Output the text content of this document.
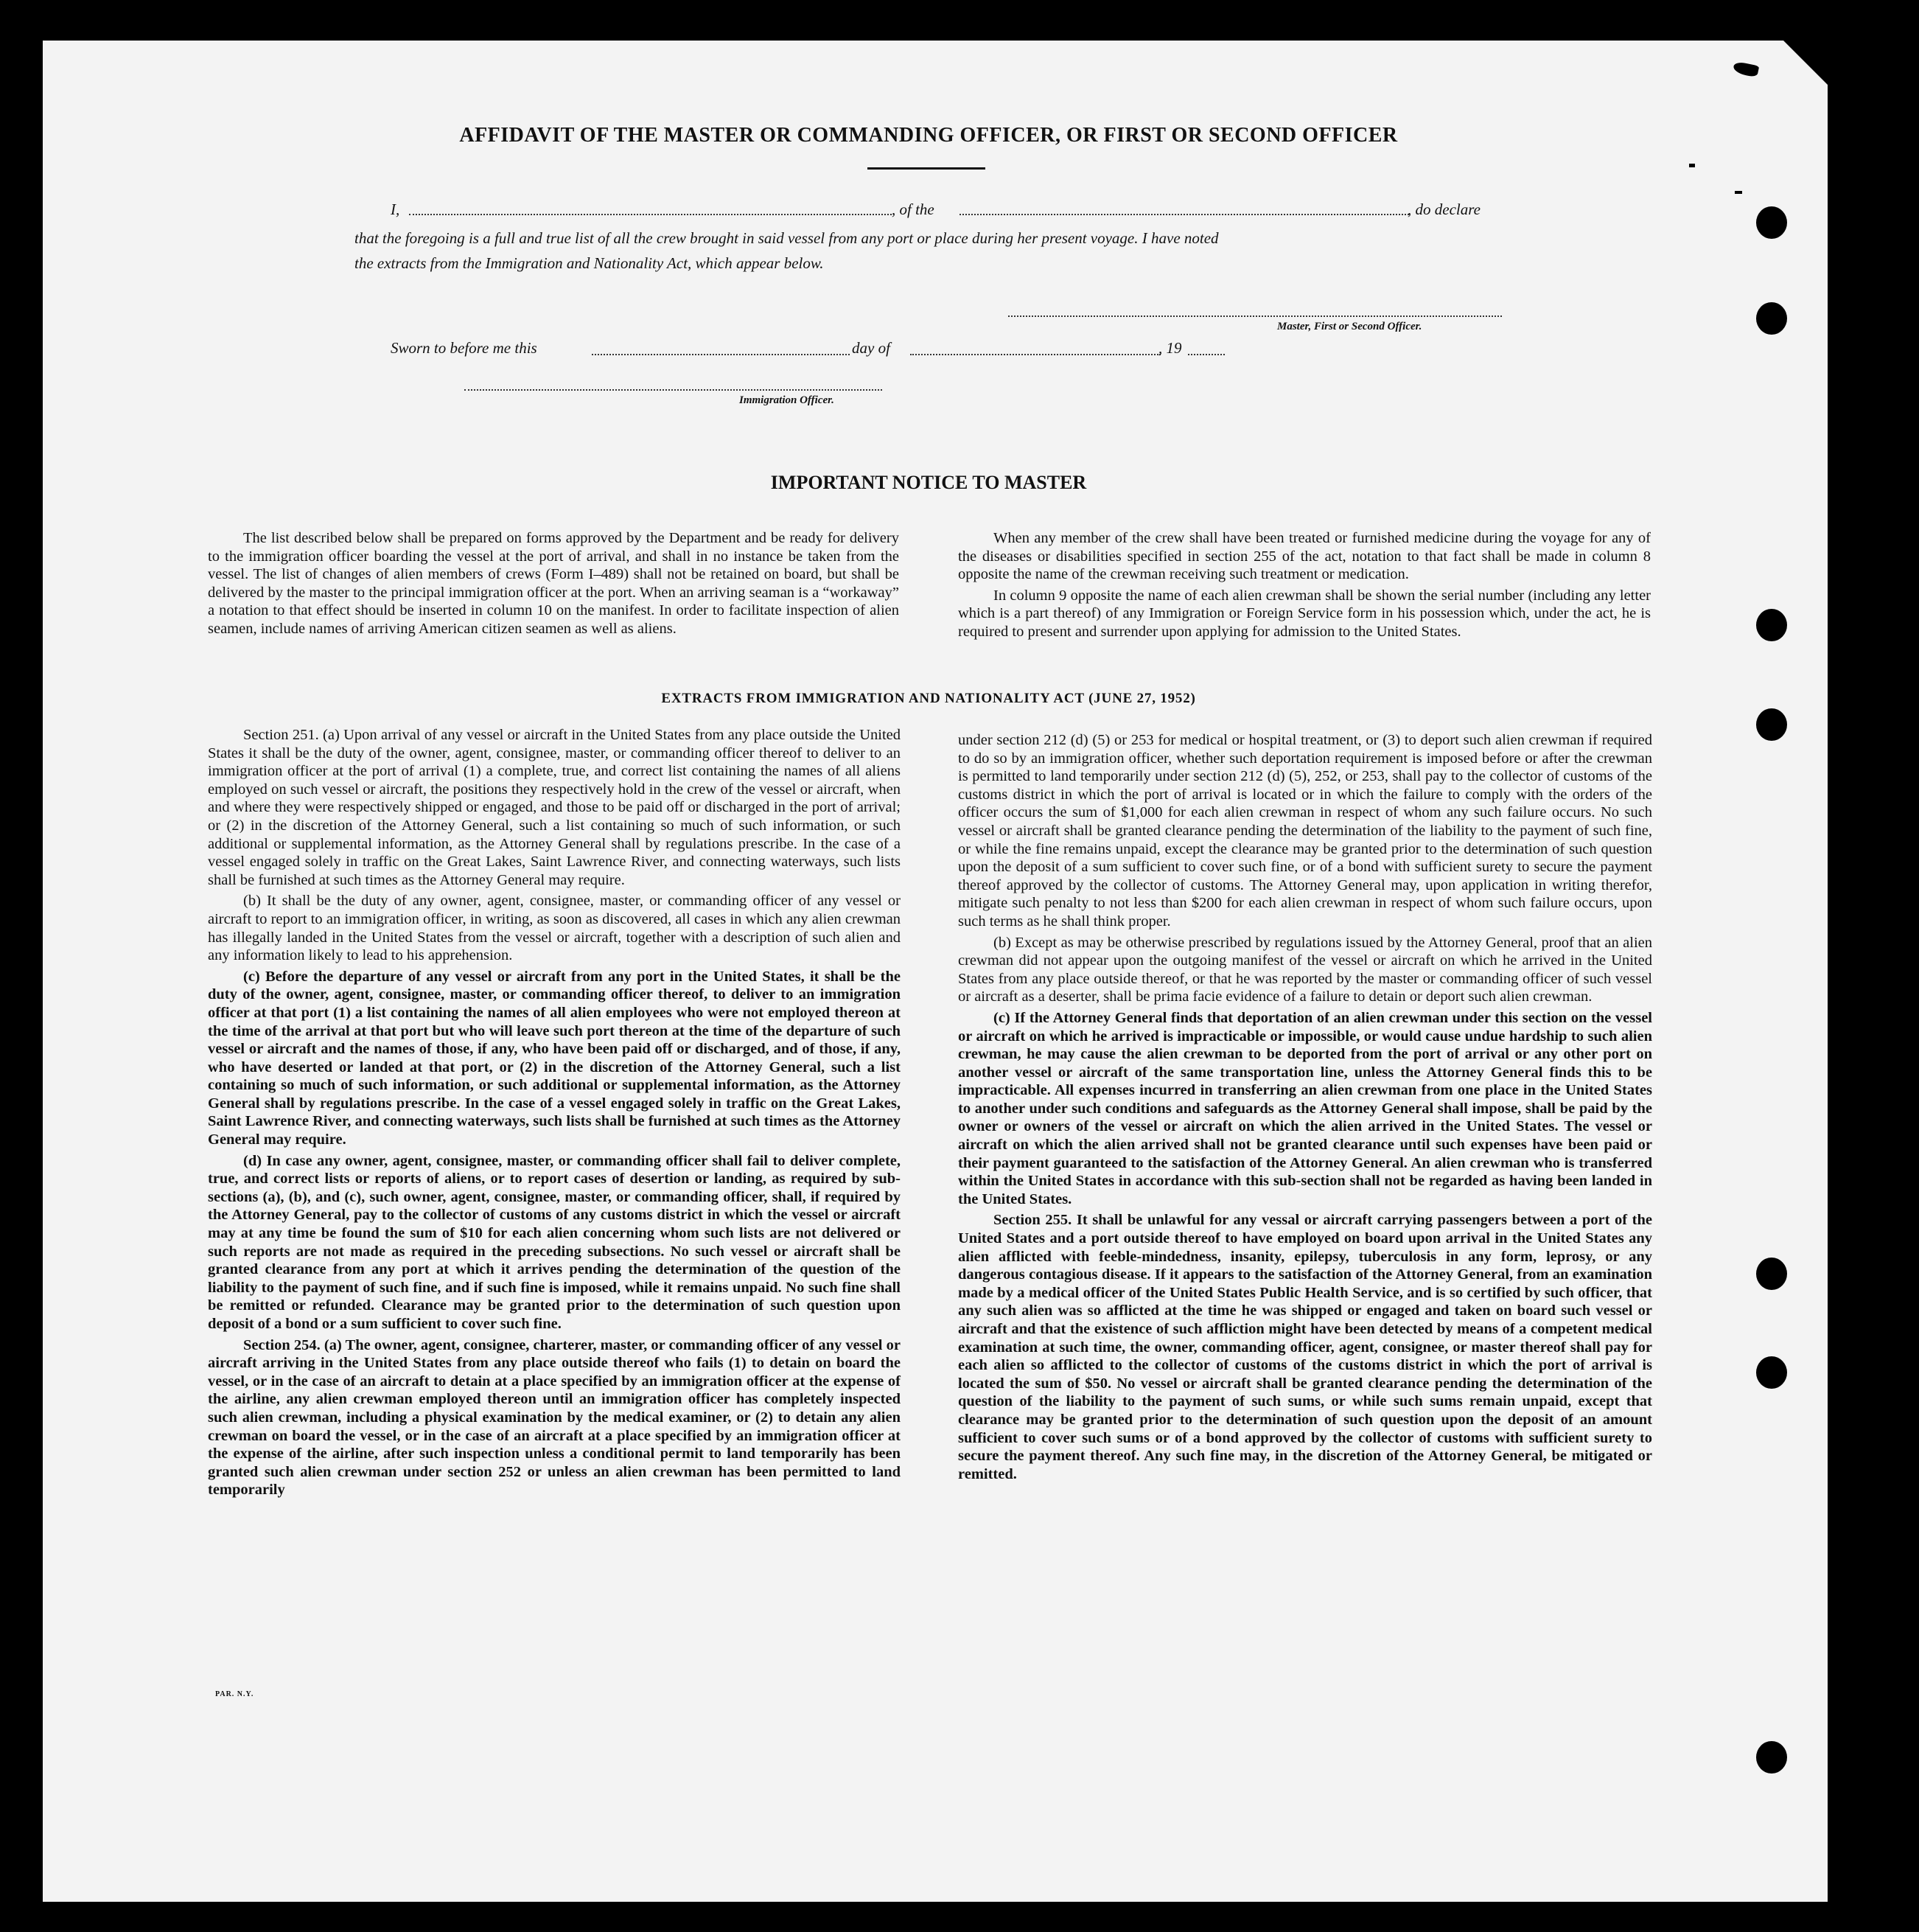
AFFIDAVIT OF THE MASTER OR COMMANDING OFFICER, OR FIRST OR SECOND OFFICER
I,	, of the	, do declare
that the foregoing is a full and true list of all the crew brought in said vessel from any port or place during her present voyage. I have noted
the extracts from the Immigration and Nationality Act, which appear below.
Master, First or Second Officer.
Sworn to before me this	day of	, 19
Immigration Officer.
IMPORTANT NOTICE TO MASTER

The list described below shall be prepared on forms approved by the Department and be ready for delivery to the immigration officer boarding the vessel at the port of arrival, and shall in no instance be taken from the vessel. The list of changes of alien members of crews (Form I–489) shall not be retained on board, but shall be delivered by the master to the principal immigration officer at the port. When an arriving seaman is a “workaway” a notation to that effect should be inserted in column 10 on the manifest. In order to facilitate inspection of alien seamen, include names of arriving American citizen seamen as well as aliens.

When any member of the crew shall have been treated or furnished medicine during the voyage for any of the diseases or disabilities specified in section 255 of the act, notation to that fact shall be made in column 8 opposite the name of the crewman receiving such treatment or medication.

In column 9 opposite the name of each alien crewman shall be shown the serial number (including any letter which is a part thereof) of any Immigration or Foreign Service form in his possession which, under the act, he is required to present and surrender upon applying for admission to the United States.

EXTRACTS FROM IMMIGRATION AND NATIONALITY ACT (JUNE 27, 1952)

Section 251. (a) Upon arrival of any vessel or aircraft in the United States from any place outside the United States it shall be the duty of the owner, agent, consignee, master, or commanding officer thereof to deliver to an immigration officer at the port of arrival (1) a complete, true, and correct list containing the names of all aliens employed on such vessel or aircraft, the positions they respectively hold in the crew of the vessel or aircraft, when and where they were respectively shipped or engaged, and those to be paid off or discharged in the port of arrival; or (2) in the discretion of the Attorney General, such a list containing so much of such information, or such additional or supplemental information, as the Attorney General shall by regulations prescribe. In the case of a vessel engaged solely in traffic on the Great Lakes, Saint Lawrence River, and connecting waterways, such lists shall be furnished at such times as the Attorney General may require.

(b) It shall be the duty of any owner, agent, consignee, master, or commanding officer of any vessel or aircraft to report to an immigration officer, in writing, as soon as discovered, all cases in which any alien crewman has illegally landed in the United States from the vessel or aircraft, together with a description of such alien and any information likely to lead to his apprehension.

(c) Before the departure of any vessel or aircraft from any port in the United States, it shall be the duty of the owner, agent, consignee, master, or commanding officer thereof, to deliver to an immigration officer at that port (1) a list containing the names of all alien employees who were not employed thereon at the time of the arrival at that port but who will leave such port thereon at the time of the departure of such vessel or aircraft and the names of those, if any, who have been paid off or discharged, and of those, if any, who have deserted or landed at that port, or (2) in the discretion of the Attorney General, such a list containing so much of such information, or such additional or supplemental information, as the Attorney General shall by regulations prescribe. In the case of a vessel engaged solely in traffic on the Great Lakes, Saint Lawrence River, and connecting waterways, such lists shall be furnished at such times as the Attorney General may require.

(d) In case any owner, agent, consignee, master, or commanding officer shall fail to deliver complete, true, and correct lists or reports of aliens, or to report cases of desertion or landing, as required by sub-sections (a), (b), and (c), such owner, agent, consignee, master, or commanding officer, shall, if required by the Attorney General, pay to the collector of customs of any customs district in which the vessel or aircraft may at any time be found the sum of $10 for each alien concerning whom such lists are not delivered or such reports are not made as required in the preceding subsections. No such vessel or aircraft shall be granted clearance from any port at which it arrives pending the determination of the question of the liability to the payment of such fine, and if such fine is imposed, while it remains unpaid. No such fine shall be remitted or refunded. Clearance may be granted prior to the determination of such question upon deposit of a bond or a sum sufficient to cover such fine.

Section 254. (a) The owner, agent, consignee, charterer, master, or commanding officer of any vessel or aircraft arriving in the United States from any place outside thereof who fails (1) to detain on board the vessel, or in the case of an aircraft to detain at a place specified by an immigration officer at the expense of the airline, any alien crewman employed thereon until an immigration officer has completely inspected such alien crewman, including a physical examination by the medical examiner, or (2) to detain any alien crewman on board the vessel, or in the case of an aircraft at a place specified by an immigration officer at the expense of the airline, after such inspection unless a conditional permit to land temporarily has been granted such alien crewman under section 252 or unless an alien crewman has been permitted to land temporarily

under section 212 (d) (5) or 253 for medical or hospital treatment, or (3) to deport such alien crewman if required to do so by an immigration officer, whether such deportation requirement is imposed before or after the crewman is permitted to land temporarily under section 212 (d) (5), 252, or 253, shall pay to the collector of customs of the customs district in which the port of arrival is located or in which the failure to comply with the orders of the officer occurs the sum of $1,000 for each alien crewman in respect of whom any such failure occurs. No such vessel or aircraft shall be granted clearance pending the determination of the liability to the payment of such fine, or while the fine remains unpaid, except the clearance may be granted prior to the determination of such question upon the deposit of a sum sufficient to cover such fine, or of a bond with sufficient surety to secure the payment thereof approved by the collector of customs. The Attorney General may, upon application in writing therefor, mitigate such penalty to not less than $200 for each alien crewman in respect of whom such failure occurs, upon such terms as he shall think proper.

(b) Except as may be otherwise prescribed by regulations issued by the Attorney General, proof that an alien crewman did not appear upon the outgoing manifest of the vessel or aircraft on which he arrived in the United States from any place outside thereof, or that he was reported by the master or commanding officer of such vessel or aircraft as a deserter, shall be prima facie evidence of a failure to detain or deport such alien crewman.

(c) If the Attorney General finds that deportation of an alien crewman under this section on the vessel or aircraft on which he arrived is impracticable or impossible, or would cause undue hardship to such alien crewman, he may cause the alien crewman to be deported from the port of arrival or any other port on another vessel or aircraft of the same transportation line, unless the Attorney General finds this to be impracticable. All expenses incurred in transferring an alien crewman from one place in the United States to another under such conditions and safeguards as the Attorney General shall impose, shall be paid by the owner or owners of the vessel or aircraft on which the alien arrived in the United States. The vessel or aircraft on which the alien arrived shall not be granted clearance until such expenses have been paid or their payment guaranteed to the satisfaction of the Attorney General. An alien crewman who is transferred within the United States in accordance with this sub-section shall not be regarded as having been landed in the United States.

Section 255. It shall be unlawful for any vessal or aircraft carrying passengers between a port of the United States and a port outside thereof to have employed on board upon arrival in the United States any alien afflicted with feeble-mindedness, insanity, epilepsy, tuberculosis in any form, leprosy, or any dangerous contagious disease. If it appears to the satisfaction of the Attorney General, from an examination made by a medical officer of the United States Public Health Service, and is so certified by such officer, that any such alien was so afflicted at the time he was shipped or engaged and taken on board such vessel or aircraft and that the existence of such affliction might have been detected by means of a competent medical examination at such time, the owner, commanding officer, agent, consignee, or master thereof shall pay for each alien so afflicted to the collector of customs of the customs district in which the port of arrival is located the sum of $50. No vessel or aircraft shall be granted clearance pending the determination of the question of the liability to the payment of such sums, or while such sums remain unpaid, except that clearance may be granted prior to the determination of such question upon the deposit of an amount sufficient to cover such sums or of a bond approved by the collector of customs with sufficient surety to secure the payment thereof. Any such fine may, in the discretion of the Attorney General, be mitigated or remitted.

PAR. N.Y.
